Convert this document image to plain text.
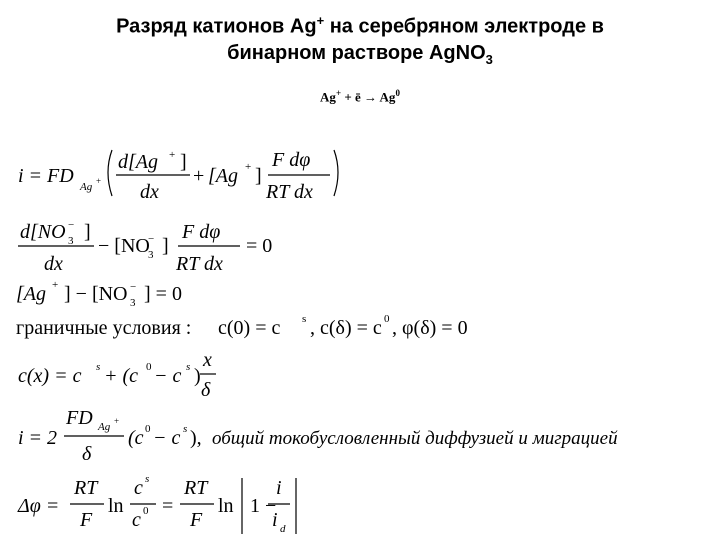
Разряд катионов Ag+ на серебряном электроде в
бинарном растворе AgNO$_3$
Ag+ + ē → $Ag^0$
i = FD Ag +
d[Ag + ]
dx
+ [Ag + ]
F dφ
RT dx
d[NO 3
− ]
dx
− [NO
3
− ]
F dφ
RT dx
= 0
[Ag + ] − [NO 3
− ] = 0
граничные условия : c(0) = c s , c(δ) = c 0 , φ(δ) = 0
c(x) = c s + (c 0 − c s )
x
δ
i = 2
FD Ag +
δ
(c 0 − c s ), общий токобусловленный диффузией и миграцией
Δφ =
RT
F
ln
c s
c 0 =
RT
F
ln 1 −
i
i d
